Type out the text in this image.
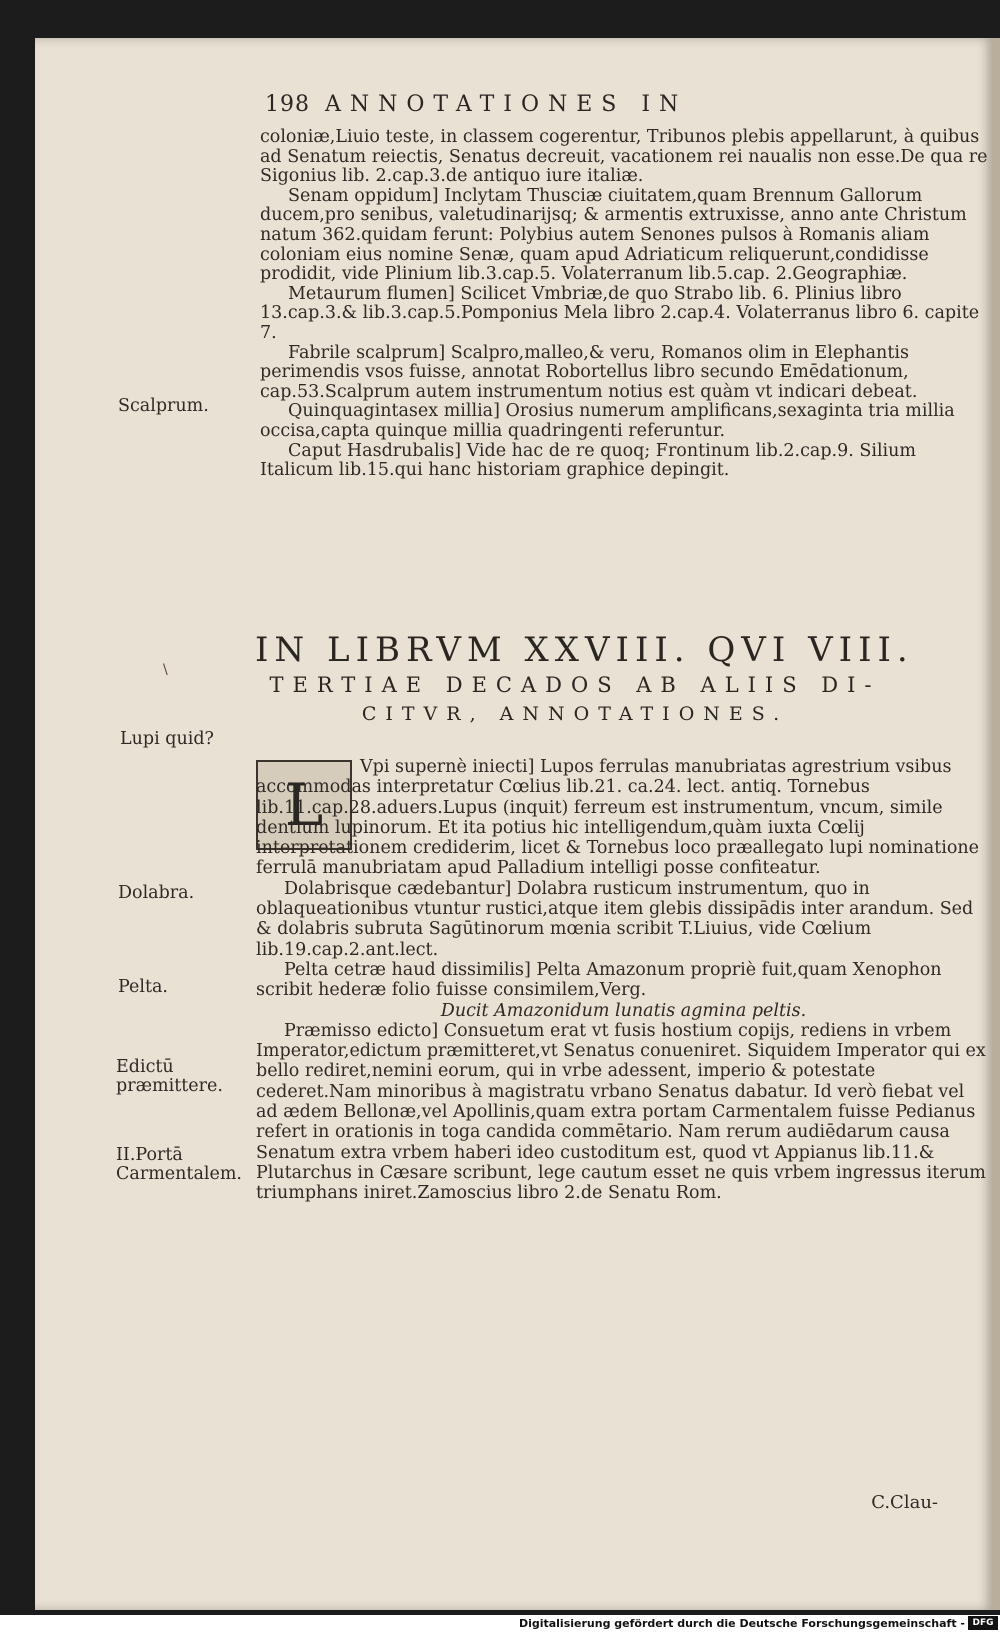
198 ANNOTATIONES IN

coloniæ,Liuio teste, in classem cogerentur, Tribunos plebis appellarunt, à quibus ad Senatum reiectis, Senatus decreuit, vacationem rei naualis non esse.De qua re Sigonius lib. 2.cap.3.de antiquo iure italiæ.

Senam oppidum] Inclytam Thusciæ ciuitatem,quam Brennum Gallorum ducem,pro senibus, valetudinarijsq; & armentis extruxisse, anno ante Christum natum 362.quidam ferunt: Polybius autem Senones pulsos à Romanis aliam coloniam eius nomine Senæ, quam apud Adriaticum reliquerunt,condidisse prodidit, vide Plinium lib.3.cap.5. Volaterranum lib.5.cap. 2.Geographiæ.

Metaurum flumen] Scilicet Vmbriæ,de quo Strabo lib. 6. Plinius libro 13.cap.3.& lib.3.cap.5.Pomponius Mela libro 2.cap.4. Volaterranus libro 6. capite 7.

Fabrile scalprum] Scalpro,malleo,& veru, Romanos olim in Elephantis perimendis vsos fuisse, annotat Robortellus libro secundo Emēdationum, cap.53.Scalprum autem instrumentum notius est quàm vt indicari debeat.

Quinquagintasex millia] Orosius numerum amplificans,sexaginta tria millia occisa,capta quinque millia quadringenti referuntur.

Caput Hasdrubalis] Vide hac de re quoq; Frontinum lib.2.cap.9. Silium Italicum lib.15.qui hanc historiam graphice depingit.

Scalprum.
IN LIBRVM XXVIII. QVI VIII.
TERTIAE DECADOS AB ALIIS DI-
CITVR, ANNOTATIONES.
\
Lupi quid?
Dolabra.
Pelta.
Edictū præmittere.
II.Portā Carmentalem.
L

Vpi supernè iniecti] Lupos ferrulas manubriatas agrestrium vsibus accommodas interpretatur Cœlius lib.21. ca.24. lect. antiq. Tornebus lib.11.cap.28.aduers.Lupus (inquit) ferreum est instrumentum, vncum, simile dentium lupinorum. Et ita potius hic intelligendum,quàm iuxta Cœlij interpretationem crediderim, licet & Tornebus loco præallegato lupi nominatione ferrulā manubriatam apud Palladium intelligi posse confiteatur.

Dolabrisque cædebantur] Dolabra rusticum instrumentum, quo in oblaqueationibus vtuntur rustici,atque item glebis dissipādis inter arandum. Sed & dolabris subruta Sagūtinorum mœnia scribit T.Liuius, vide Cœlium lib.19.cap.2.ant.lect.

Pelta cetræ haud dissimilis] Pelta Amazonum propriè fuit,quam Xenophon scribit hederæ folio fuisse consimilem,Verg.

Ducit Amazonidum lunatis agmina peltis.

Præmisso edicto] Consuetum erat vt fusis hostium copijs, rediens in vrbem Imperator,edictum præmitteret,vt Senatus conueniret. Siquidem Imperator qui ex bello rediret,nemini eorum, qui in vrbe adessent, imperio & potestate cederet.Nam minoribus à magistratu vrbano Senatus dabatur. Id verò fiebat vel ad ædem Bellonæ,vel Apollinis,quam extra portam Carmentalem fuisse Pedianus refert in orationis in toga candida commētario. Nam rerum audiēdarum causa Senatum extra vrbem haberi ideo custoditum est, quod vt Appianus lib.11.& Plutarchus in Cæsare scribunt, lege cautum esset ne quis vrbem ingressus iterum triumphans iniret.Zamoscius libro 2.de Senatu Rom.

C.Clau-
Digitalisierung gefördert durch die Deutsche Forschungsgemeinschaft - DFG
